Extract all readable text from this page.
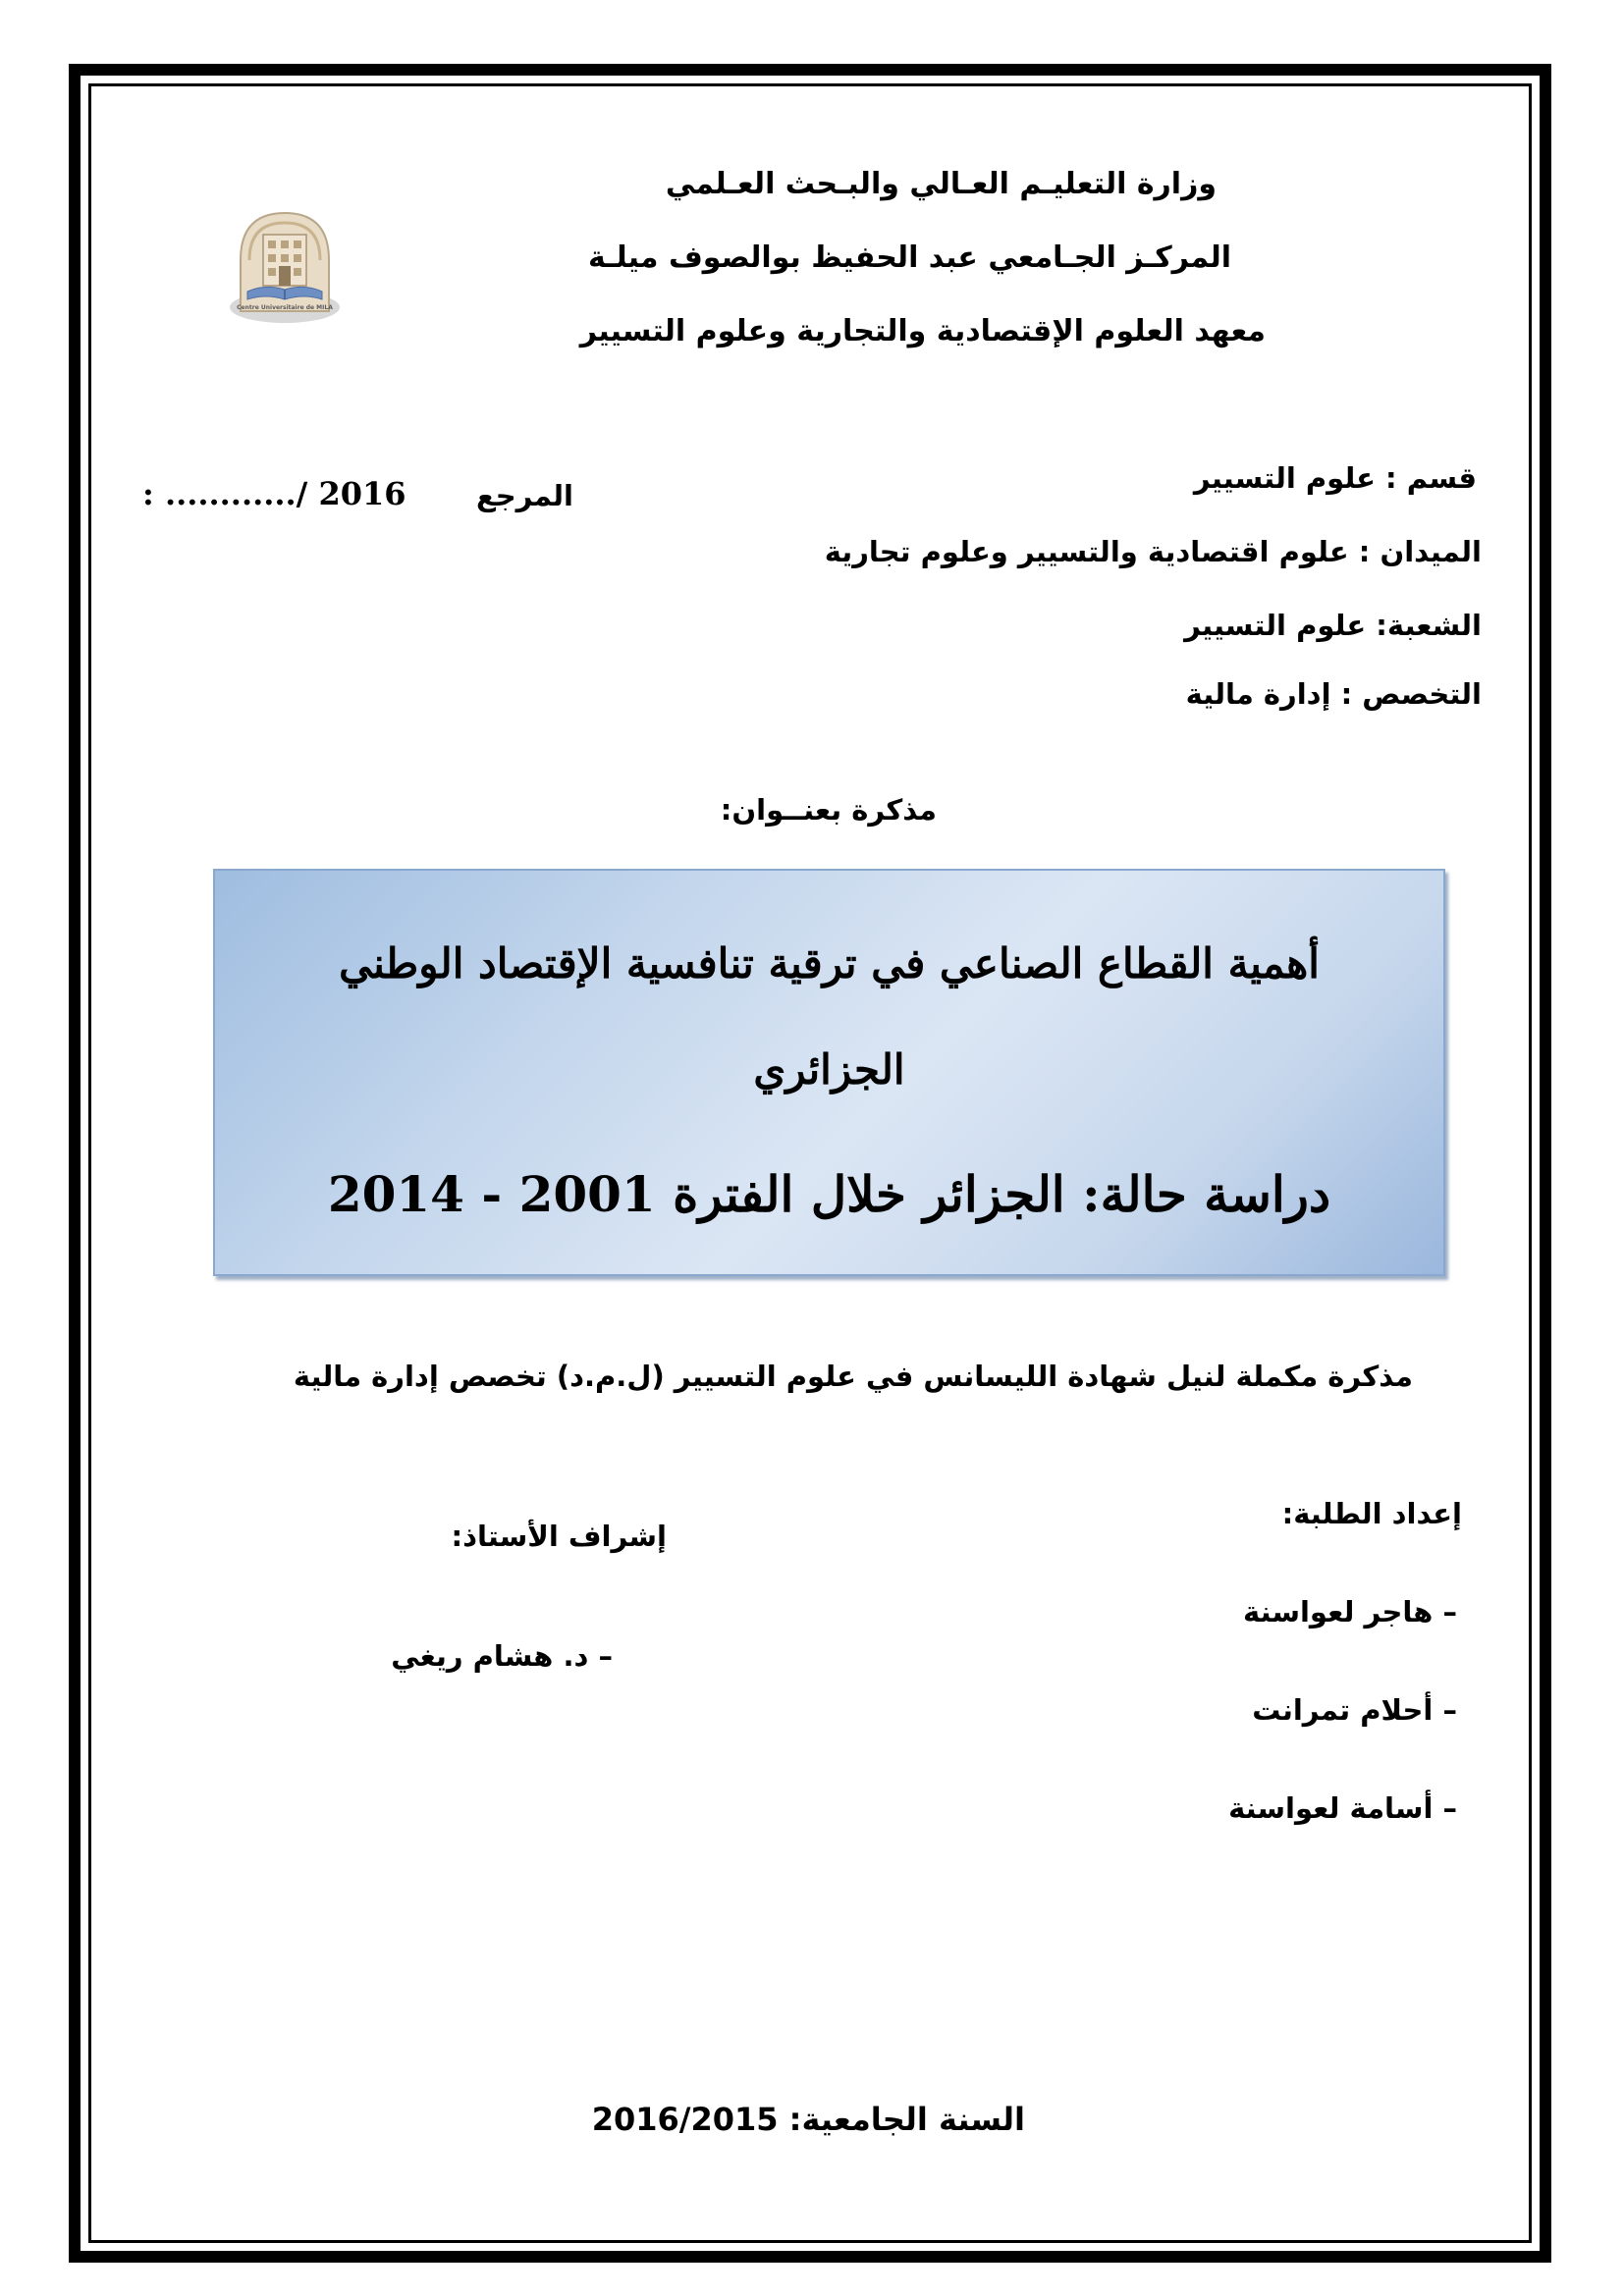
وزارة التعليـم العـالي والبـحث العـلمي
المركـز الجـامعي عبد الحفيظ بوالصوف ميلـة
معهد العلوم الإقتصادية والتجارية وعلوم التسيير
Centre Universitaire de MILA
قسم : علوم التسيير
الميدان : علوم اقتصادية والتسيير وعلوم تجارية
الشعبة: علوم التسيير
التخصص : إدارة مالية
المرجع
: ............/ 2016
مذكرة بعنــوان:
أهمية القطاع الصناعي في ترقية تنافسية الإقتصاد الوطني
الجزائري
دراسة حالة: الجزائر خلال الفترة 2001 - 2014
مذكرة مكملة لنيل شهادة الليسانس في علوم التسيير (ل.م.د) تخصص إدارة مالية
إعداد الطلبة:
– هاجر لعواسنة
– أحلام تمرانت
– أسامة لعواسنة
إشراف الأستاذ:
– د. هشام ريغي
السنة الجامعية: 2016/2015
